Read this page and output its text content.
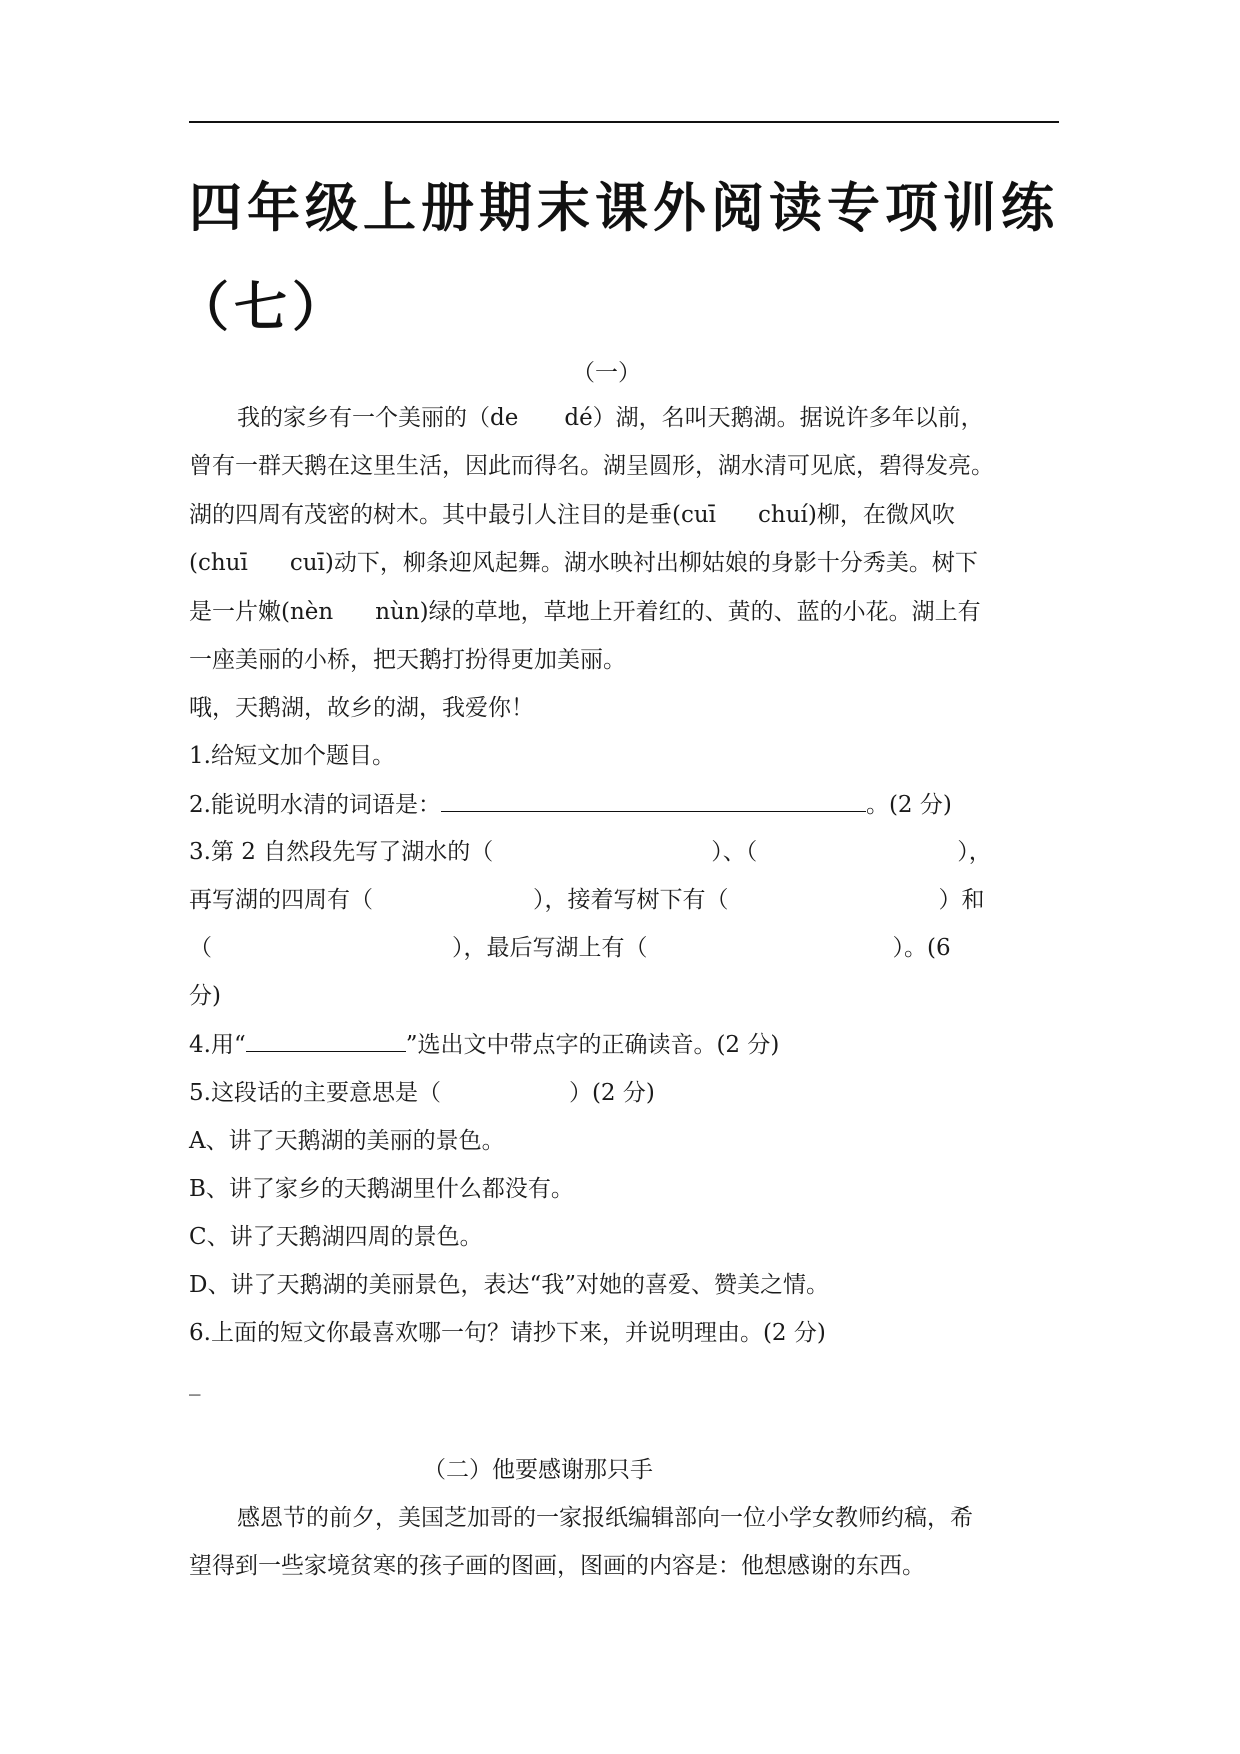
四年级上册期末课外阅读专项训练
（七）
（一）
我的家乡有一个美丽的（de dé）湖，名叫天鹅湖。据说许多年以前，
曾有一群天鹅在这里生活，因此而得名。湖呈圆形，湖水清可见底，碧得发亮。
湖的四周有茂密的树木。其中最引人注目的是垂(cuī chuí)柳，在微风吹
(chuī cuī)动下，柳条迎风起舞。湖水映衬出柳姑娘的身影十分秀美。树下
是一片嫩(nèn nùn)绿的草地，草地上开着红的、黄的、蓝的小花。湖上有
一座美丽的小桥，把天鹅打扮得更加美丽。
哦，天鹅湖，故乡的湖，我爱你！
1.给短文加个题目。
2.能说明水清的词语是：	。(2 分)
3.第 2 自然段先写了湖水的（	）、（	），
再写湖的四周有（	），接着写树下有（	）和
（	），最后写湖上有（	）。(6
分)
4.用“	”选出文中带点字的正确读音。(2 分)
5.这段话的主要意思是（	）(2 分)
A、讲了天鹅湖的美丽的景色。
B、讲了家乡的天鹅湖里什么都没有。
C、讲了天鹅湖四周的景色。
D、讲了天鹅湖的美丽景色，表达“我”对她的喜爱、赞美之情。
6.上面的短文你最喜欢哪一句？请抄下来，并说明理由。(2 分)
_
（二）他要感谢那只手
感恩节的前夕，美国芝加哥的一家报纸编辑部向一位小学女教师约稿，希
望得到一些家境贫寒的孩子画的图画，图画的内容是：他想感谢的东西。
